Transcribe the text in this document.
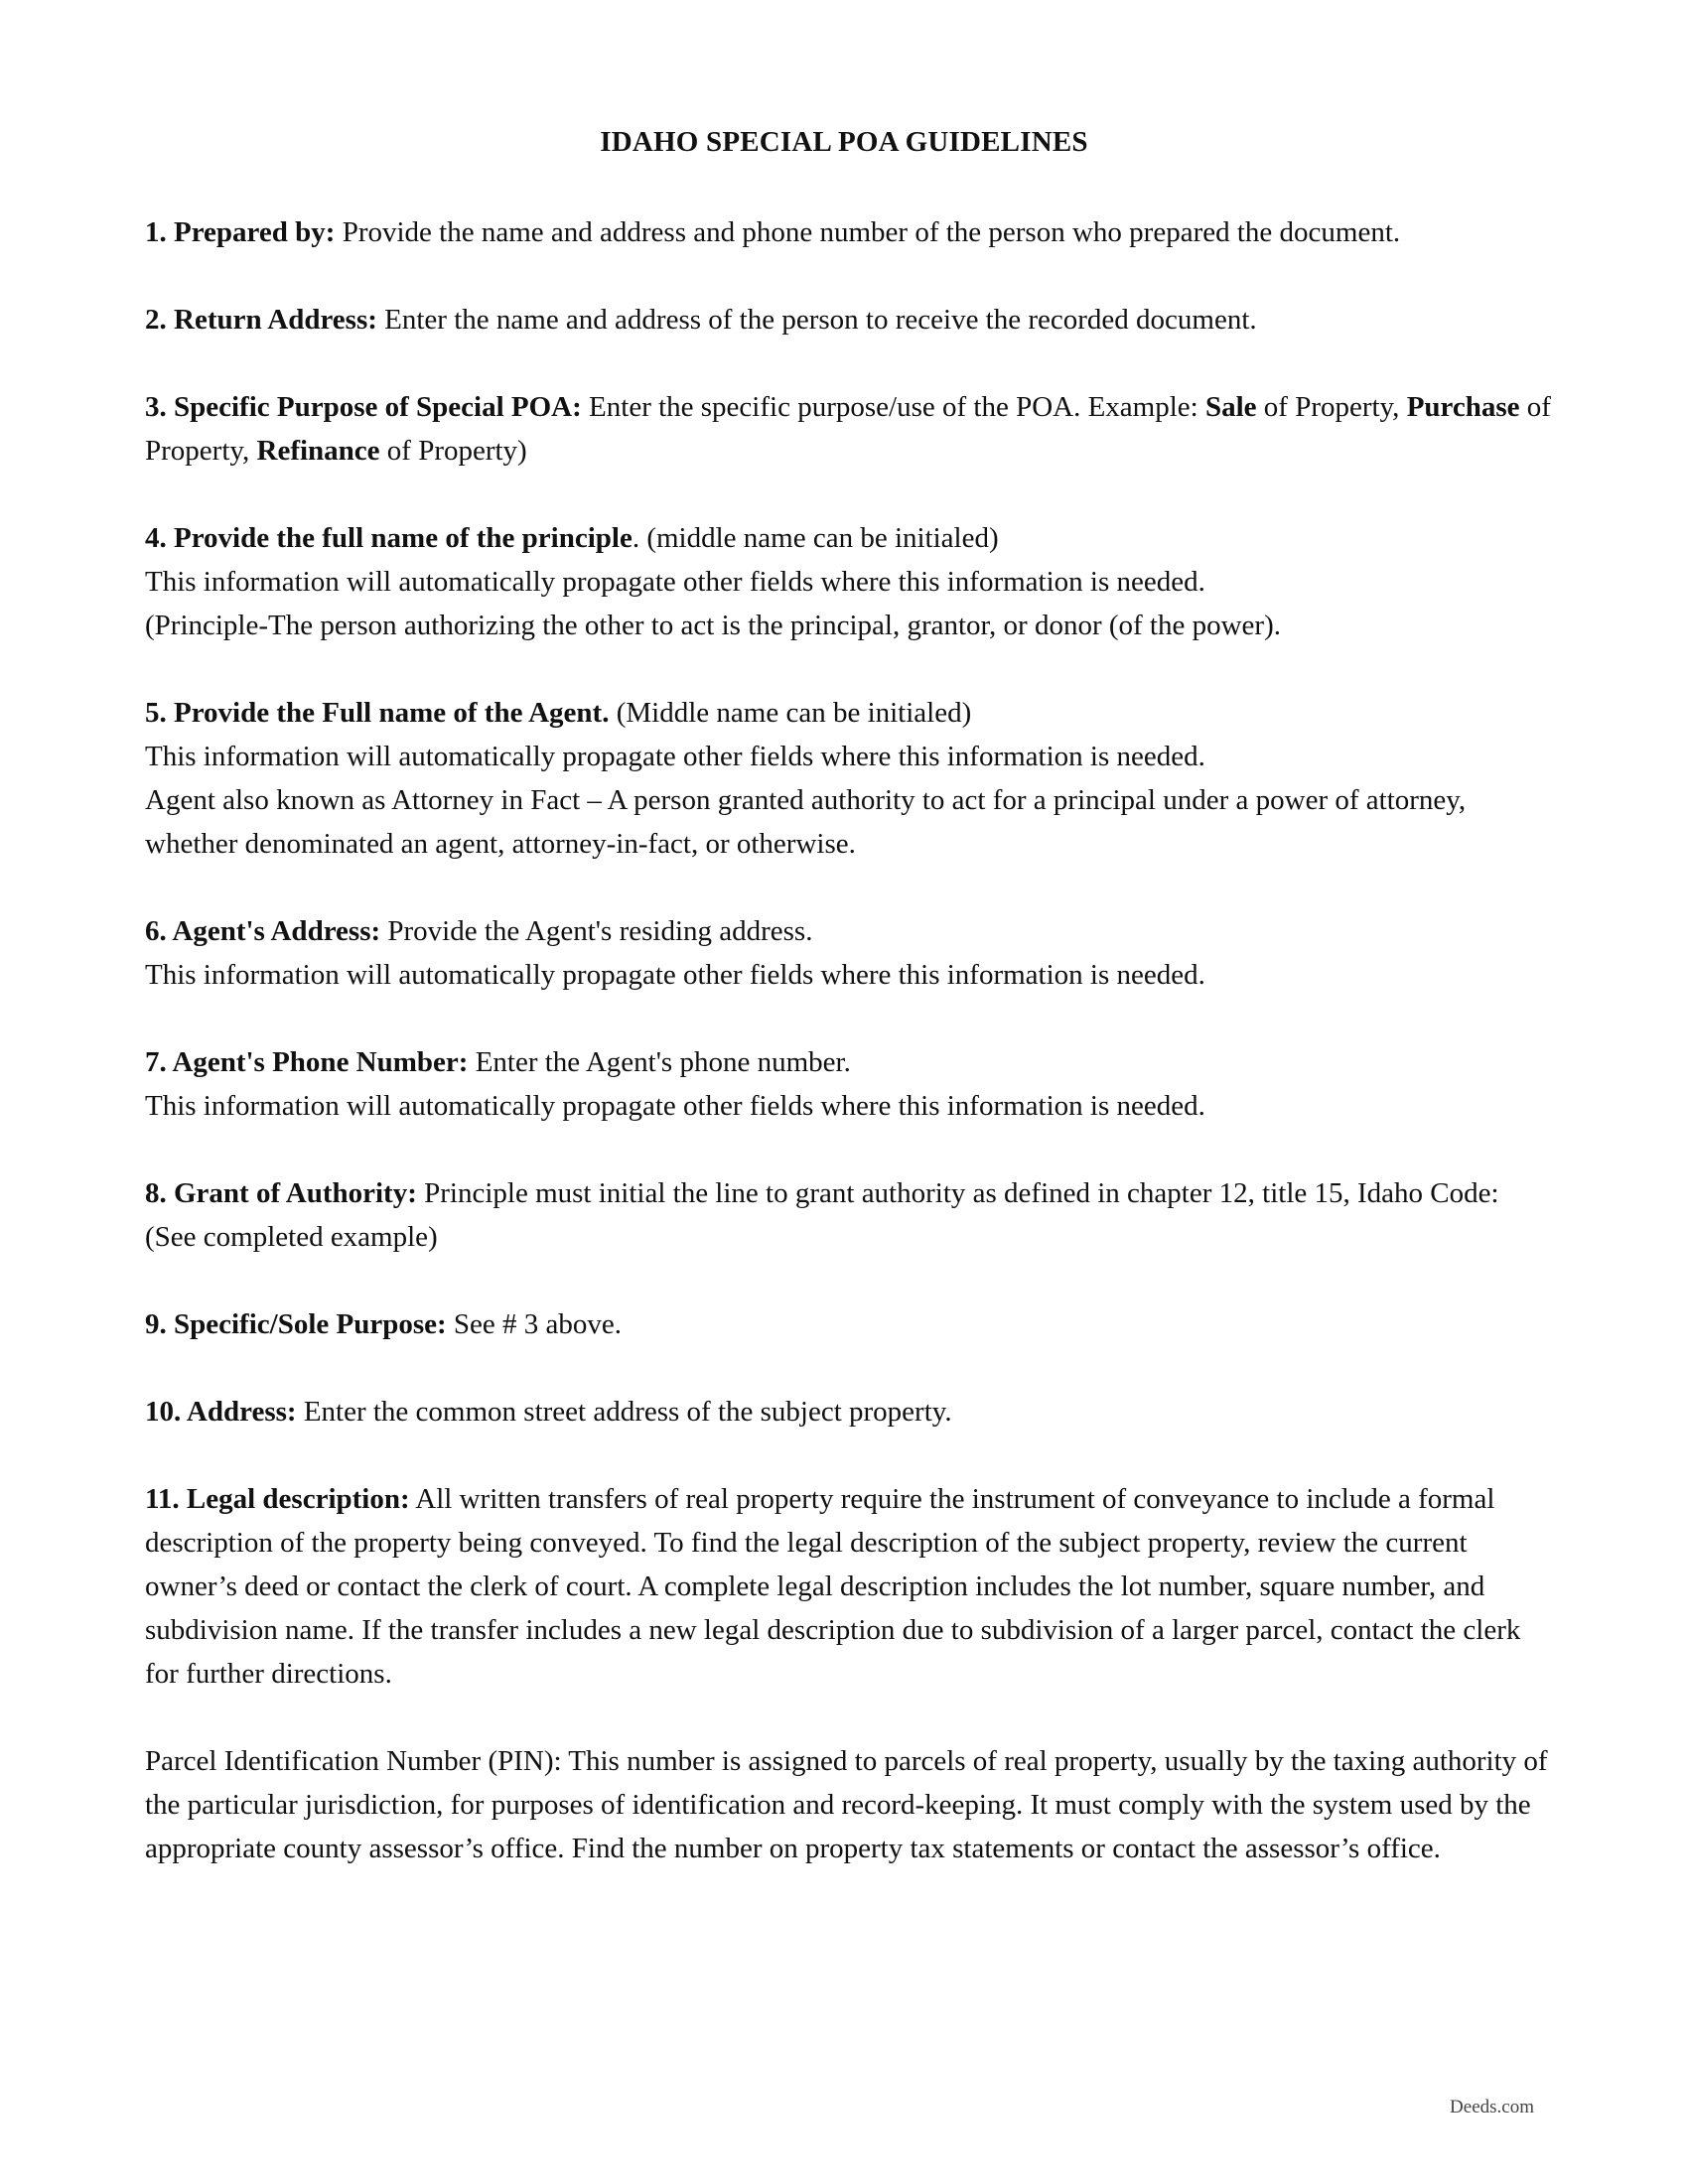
IDAHO SPECIAL POA GUIDELINES

1. Prepared by: Provide the name and address and phone number of the person who prepared the document.

2. Return Address: Enter the name and address of the person to receive the recorded document.

3. Specific Purpose of Special POA: Enter the specific purpose/use of the POA. Example: Sale of Property, Purchase of Property, Refinance of Property)

4. Provide the full name of the principle. (middle name can be initialed)
This information will automatically propagate other fields where this information is needed.
(Principle-The person authorizing the other to act is the principal, grantor, or donor (of the power).

5. Provide the Full name of the Agent. (Middle name can be initialed)
This information will automatically propagate other fields where this information is needed.
Agent also known as Attorney in Fact – A person granted authority to act for a principal under a power of attorney, whether denominated an agent, attorney-in-fact, or otherwise.

6. Agent's Address: Provide the Agent's residing address.
This information will automatically propagate other fields where this information is needed.

7. Agent's Phone Number: Enter the Agent's phone number.
This information will automatically propagate other fields where this information is needed.

8. Grant of Authority: Principle must initial the line to grant authority as defined in chapter 12, title 15, Idaho Code: (See completed example)

9. Specific/Sole Purpose: See # 3 above.

10. Address: Enter the common street address of the subject property.

11. Legal description: All written transfers of real property require the instrument of conveyance to include a formal description of the property being conveyed. To find the legal description of the subject property, review the current owner’s deed or contact the clerk of court. A complete legal description includes the lot number, square number, and subdivision name. If the transfer includes a new legal description due to subdivision of a larger parcel, contact the clerk for further directions.

Parcel Identification Number (PIN): This number is assigned to parcels of real property, usually by the taxing authority of the particular jurisdiction, for purposes of identification and record-keeping. It must comply with the system used by the appropriate county assessor’s office. Find the number on property tax statements or contact the assessor’s office.

Deeds.com
